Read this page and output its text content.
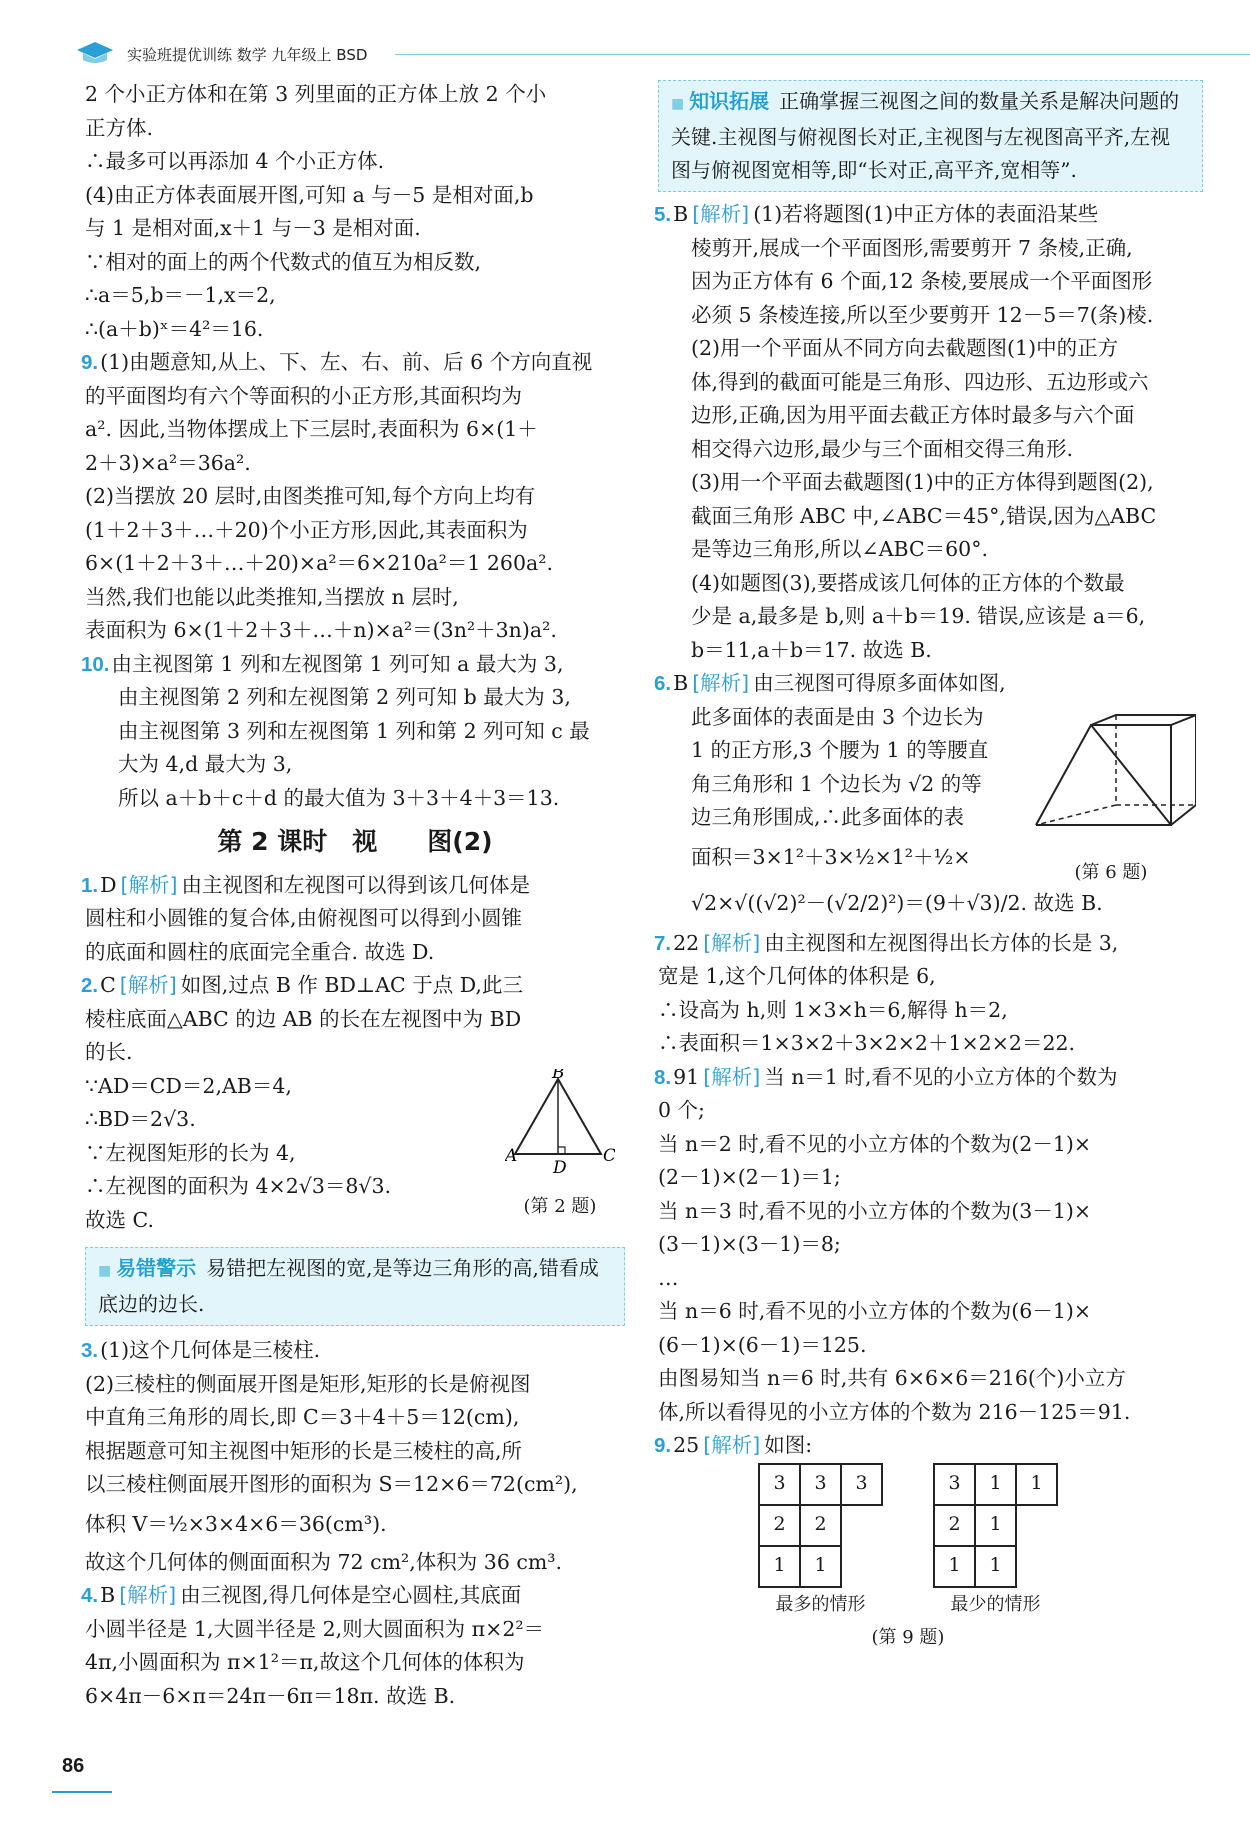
实验班提优训练 数学 九年级上 BSD

2 个小正方体和在第 3 列里面的正方体上放 2 个小

正方体.

∴最多可以再添加 4 个小正方体.

(4)由正方体表面展开图,可知 a 与－5 是相对面,b

与 1 是相对面,x＋1 与－3 是相对面.

∵相对的面上的两个代数式的值互为相反数,

∴a＝5,b＝－1,x＝2,

∴(a＋b)ˣ＝4²＝16.

9.(1)由题意知,从上、下、左、右、前、后 6 个方向直视

的平面图均有六个等面积的小正方形,其面积均为

a². 因此,当物体摆成上下三层时,表面积为 6×(1＋

2＋3)×a²＝36a².

(2)当摆放 20 层时,由图类推可知,每个方向上均有

(1＋2＋3＋…＋20)个小正方形,因此,其表面积为

6×(1＋2＋3＋…＋20)×a²＝6×210a²＝1 260a².

当然,我们也能以此类推知,当摆放 n 层时,

表面积为 6×(1＋2＋3＋…＋n)×a²＝(3n²＋3n)a².

10.由主视图第 1 列和左视图第 1 列可知 a 最大为 3,

由主视图第 2 列和左视图第 2 列可知 b 最大为 3,

由主视图第 3 列和左视图第 1 列和第 2 列可知 c 最

大为 4,d 最大为 3,

所以 a＋b＋c＋d 的最大值为 3＋3＋4＋3＝13.

第 2 课时　视　　图(2)

1.D [解析] 由主视图和左视图可以得到该几何体是

圆柱和小圆锥的复合体,由俯视图可以得到小圆锥

的底面和圆柱的底面完全重合. 故选 D.

2.C [解析] 如图,过点 B 作 BD⊥AC 于点 D,此三

棱柱底面△ABC 的边 AB 的长在左视图中为 BD

的长.

∵AD＝CD＝2,AB＝4,

∴BD＝2√3.

∵左视图矩形的长为 4,

∴左视图的面积为 4×2√3＝8√3.

故选 C.

A
B
C
D
(第 2 题)
■ 易错警示 易错把左视图的宽,是等边三角形的高,错看成底边的边长.

3.(1)这个几何体是三棱柱.

(2)三棱柱的侧面展开图是矩形,矩形的长是俯视图

中直角三角形的周长,即 C＝3＋4＋5＝12(cm),

根据题意可知主视图中矩形的长是三棱柱的高,所

以三棱柱侧面展开图形的面积为 S＝12×6＝72(cm²),

体积 V＝½×3×4×6＝36(cm³).

故这个几何体的侧面面积为 72 cm²,体积为 36 cm³.

4.B [解析] 由三视图,得几何体是空心圆柱,其底面

小圆半径是 1,大圆半径是 2,则大圆面积为 π×2²＝

4π,小圆面积为 π×1²＝π,故这个几何体的体积为

6×4π－6×π＝24π－6π＝18π. 故选 B.

■ 知识拓展 正确掌握三视图之间的数量关系是解决问题的关键.主视图与俯视图长对正,主视图与左视图高平齐,左视图与俯视图宽相等,即“长对正,高平齐,宽相等”.

5.B [解析] (1)若将题图(1)中正方体的表面沿某些

棱剪开,展成一个平面图形,需要剪开 7 条棱,正确,

因为正方体有 6 个面,12 条棱,要展成一个平面图形

必须 5 条棱连接,所以至少要剪开 12－5＝7(条)棱.

(2)用一个平面从不同方向去截题图(1)中的正方

体,得到的截面可能是三角形、四边形、五边形或六

边形,正确,因为用平面去截正方体时最多与六个面

相交得六边形,最少与三个面相交得三角形.

(3)用一个平面去截题图(1)中的正方体得到题图(2),

截面三角形 ABC 中,∠ABC＝45°,错误,因为△ABC

是等边三角形,所以∠ABC＝60°.

(4)如题图(3),要搭成该几何体的正方体的个数最

少是 a,最多是 b,则 a＋b＝19. 错误,应该是 a＝6,

b＝11,a＋b＝17. 故选 B.

6.B [解析] 由三视图可得原多面体如图,

此多面体的表面是由 3 个边长为

1 的正方形,3 个腰为 1 的等腰直

角三角形和 1 个边长为 √2 的等

边三角形围成,∴此多面体的表

面积＝3×1²＋3×½×1²＋½×

√2×√((√2)²－(√2/2)²)＝(9＋√3)/2. 故选 B.

(第 6 题)

7.22 [解析] 由主视图和左视图得出长方体的长是 3,

宽是 1,这个几何体的体积是 6,

∴设高为 h,则 1×3×h＝6,解得 h＝2,

∴表面积＝1×3×2＋3×2×2＋1×2×2＝22.

8.91 [解析] 当 n＝1 时,看不见的小立方体的个数为

0 个;

当 n＝2 时,看不见的小立方体的个数为(2－1)×

(2－1)×(2－1)＝1;

当 n＝3 时,看不见的小立方体的个数为(3－1)×

(3－1)×(3－1)＝8;

…

当 n＝6 时,看不见的小立方体的个数为(6－1)×

(6－1)×(6－1)＝125.

由图易知当 n＝6 时,共有 6×6×6＝216(个)小立方

体,所以看得见的小立方体的个数为 216－125＝91.

9.25 [解析] 如图:

3	3	3
2	2	
1	1	
最多的情形
3	1	1
2	1	
1	1	
最少的情形
(第 9 题)
86
